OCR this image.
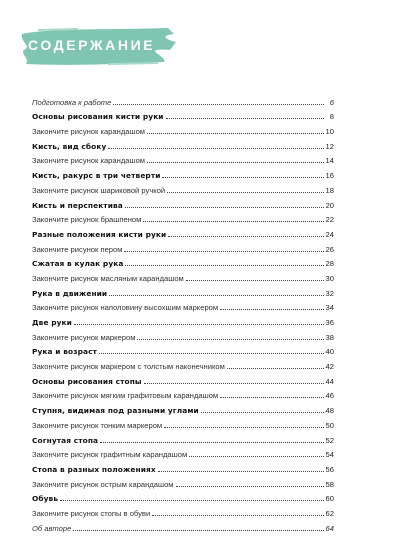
СОДЕРЖАНИЕ
Подготовка к работе	6
Основы рисования кисти руки	8
Закончите рисунок карандашом	10
Кисть, вид сбоку	12
Закончите рисунок карандашом	14
Кисть, ракурс в три четверти	16
Закончите рисунок шариковой ручкой	18
Кисть и перспектива	20
Закончите рисунок брашпеном	22
Разные положения кисти руки	24
Закончите рисунок пером	26
Сжатая в кулак рука	28
Закончите рисунок масляным карандашом	30
Рука в движении	32
Закончите рисунок наполовину высохшим маркером	34
Две руки	36
Закончите рисунок маркером	38
Рука и возраст	40
Закончите рисунок маркером с толстым наконечником	42
Основы рисования стопы	44
Закончите рисунок мягким графитовым карандашом	46
Ступня, видимая под разными углами	48
Закончите рисунок тонким маркером	50
Согнутая стопа	52
Закончите рисунок графитным карандашом	54
Стопа в разных положениях	56
Закончите рисунок острым карандашом	58
Обувь	60
Закончите рисунок стопы в обуви	62
Об авторе	64
